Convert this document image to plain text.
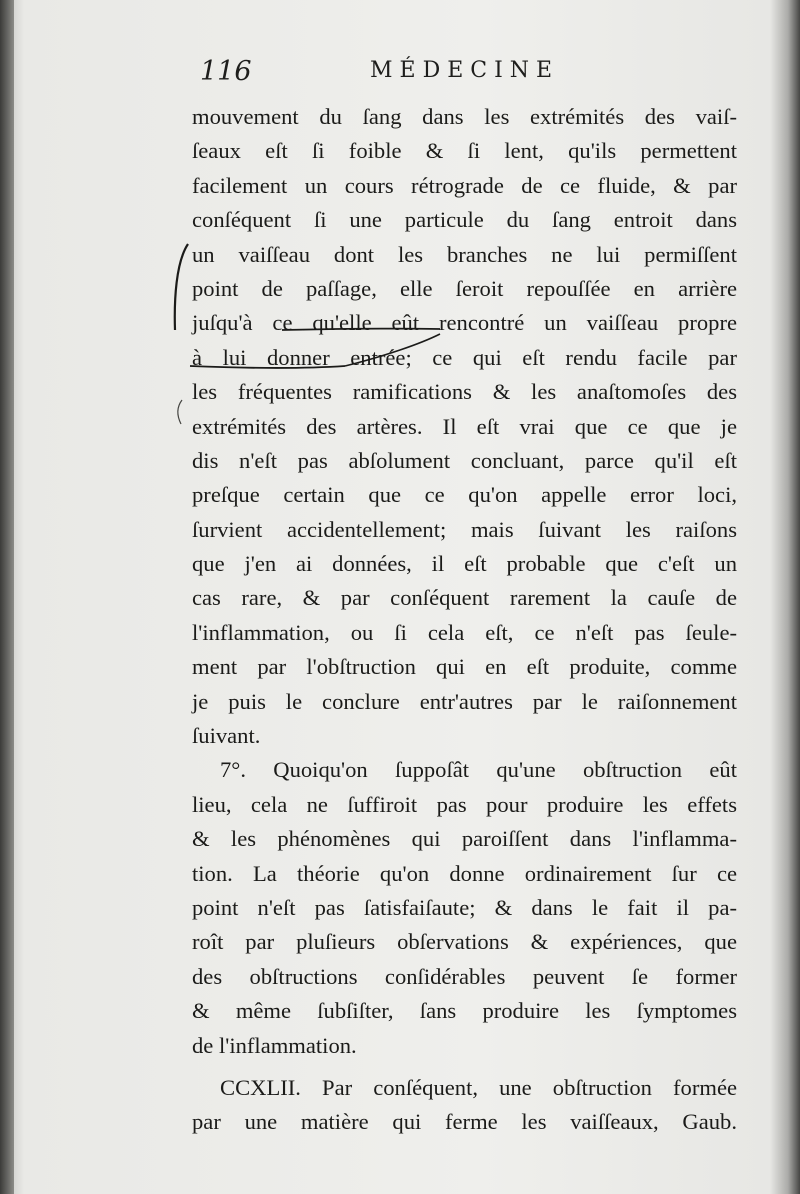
116	MÉDECINE
mouvement du ſang dans les extrémités des vaiſ-
ſeaux eſt ſi foible & ſi lent, qu'ils permettent
facilement un cours rétrograde de ce fluide, & par
conſéquent ſi une particule du ſang entroit dans
un vaiſſeau dont les branches ne lui permiſſent
point de paſſage, elle ſeroit repouſſée en arrière
juſqu'à ce qu'elle eût rencontré un vaiſſeau propre
à lui donner entrée; ce qui eſt rendu facile par
les fréquentes ramifications & les anaſtomoſes des
extrémités des artères. Il eſt vrai que ce que je
dis n'eſt pas abſolument concluant, parce qu'il eſt
preſque certain que ce qu'on appelle error loci,
ſurvient accidentellement; mais ſuivant les raiſons
que j'en ai données, il eſt probable que c'eſt un
cas rare, & par conſéquent rarement la cauſe de
l'inflammation, ou ſi cela eſt, ce n'eſt pas ſeule-
ment par l'obſtruction qui en eſt produite, comme
je puis le conclure entr'autres par le raiſonnement
ſuivant.
7°. Quoiqu'on ſuppoſât qu'une obſtruction eût
lieu, cela ne ſuffiroit pas pour produire les effets
& les phénomènes qui paroiſſent dans l'inflamma-
tion. La théorie qu'on donne ordinairement ſur ce
point n'eſt pas ſatisfaiſaute; & dans le fait il pa-
roît par pluſieurs obſervations & expériences, que
des obſtructions conſidérables peuvent ſe former
& même ſubſiſter, ſans produire les ſymptomes
de l'inflammation.
CCXLII. Par conſéquent, une obſtruction formée
par une matière qui ferme les vaiſſeaux, Gaub.
